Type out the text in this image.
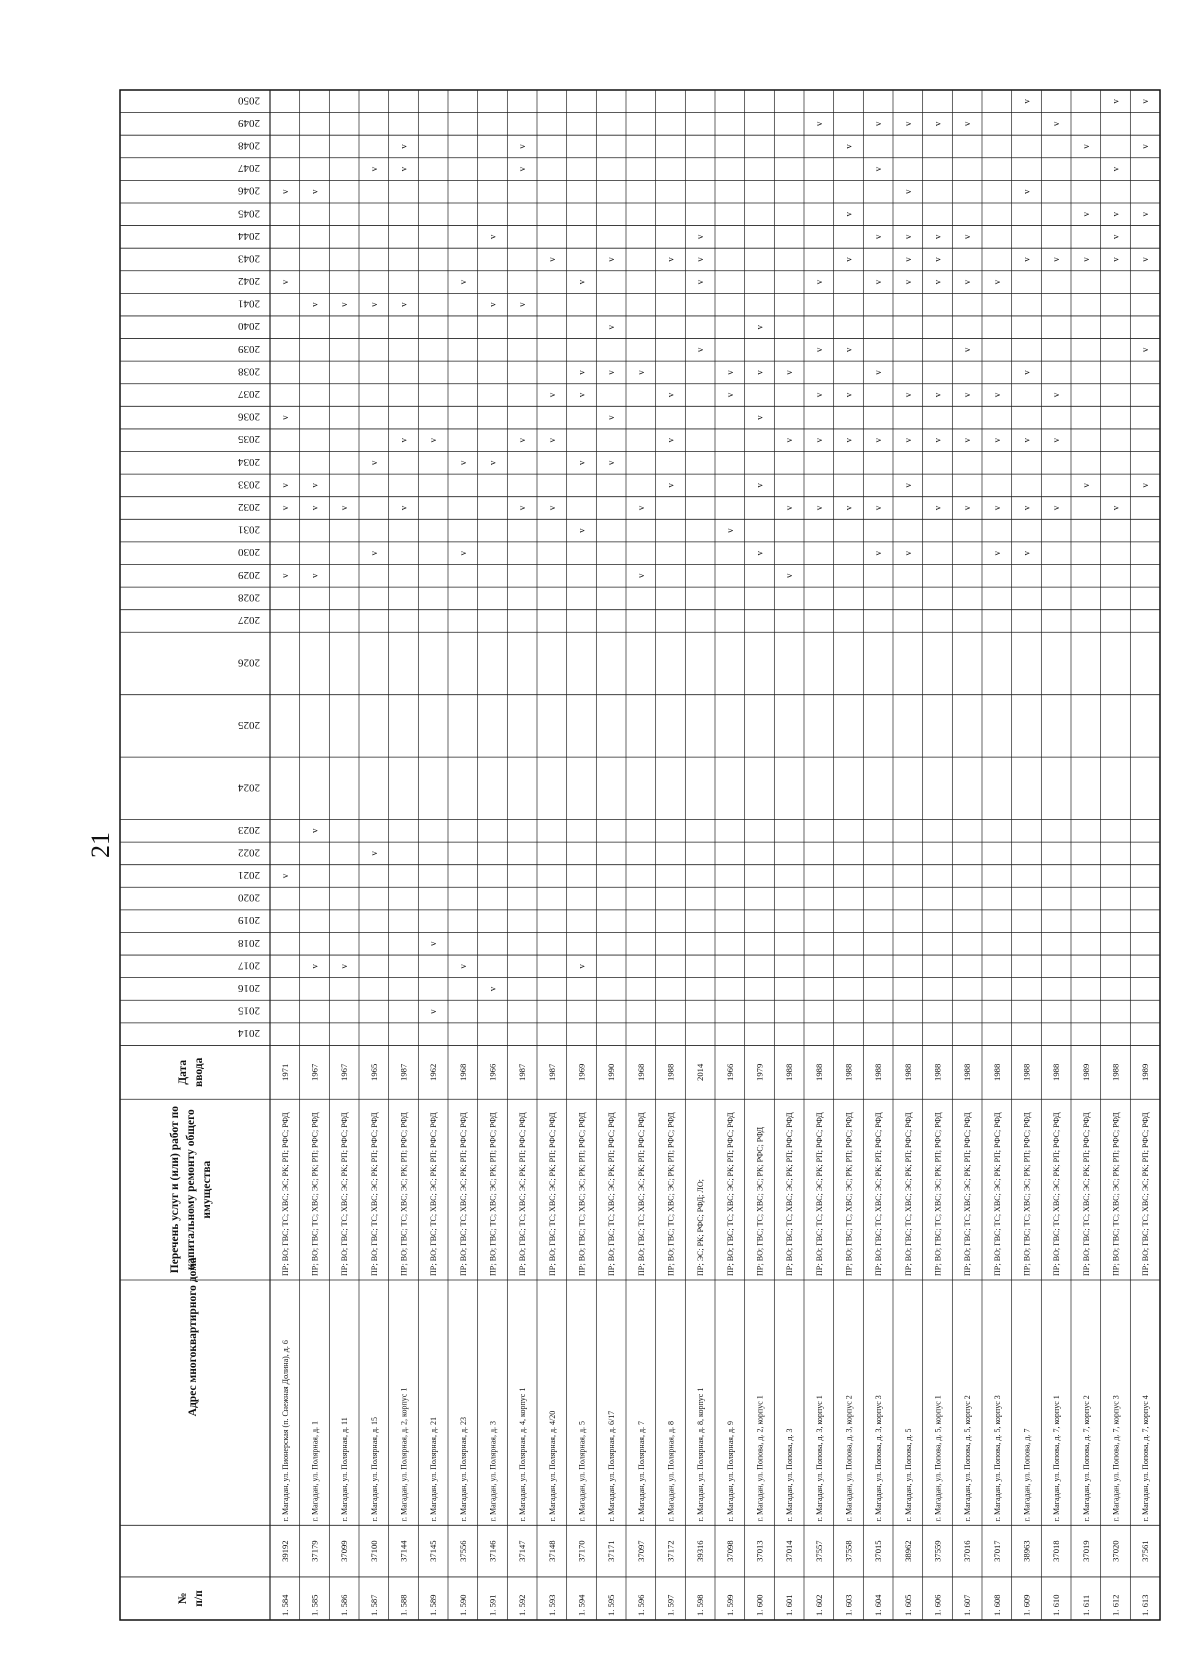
21
№ п/п
Адрес многоквартирного дома
Перечень услуг и (или) работ по капитальному ремонту общего имущества
Дата ввода
2014
2015
2016
2017
2018
2019
2020
2021
2022
2023
2024
2025
2026
2027
2028
2029
2030
2031
2032
2033
2034
2035
2036
2037
2038
2039
2040
2041
2042
2043
2044
2045
2046
2047
2048
2049
2050
1. 584
39192
г. Магадан, ул. Пионерская (п. Снежная Долина), д. 6
ПР; ВО; ГВС; ТС; ХВС; ЭС; РК; РП; РФС; РФД
1971
v
v
v
v
v
v
v
1. 585
37179
г. Магадан, ул. Полярная, д. 1
ПР; ВО; ГВС; ТС; ХВС; ЭС; РК; РП; РФС; РФД
1967
v
v
v
v
v
v
v
1. 586
37099
г. Магадан, ул. Полярная, д. 11
ПР; ВО; ГВС; ТС; ХВС; ЭС; РК; РП; РФС; РФД
1967
v
v
v
1. 587
37100
г. Магадан, ул. Полярная, д. 15
ПР; ВО; ГВС; ТС; ХВС; ЭС; РК; РП; РФС; РФД
1965
v
v
v
v
v
1. 588
37144
г. Магадан, ул. Полярная, д. 2, корпус 1
ПР; ВО; ГВС; ТС; ХВС; ЭС; РК; РП; РФС; РФД
1987
v
v
v
v
v
1. 589
37145
г. Магадан, ул. Полярная, д. 21
ПР; ВО; ГВС; ТС; ХВС; ЭС; РК; РП; РФС; РФД
1962
v
v
v
1. 590
37556
г. Магадан, ул. Полярная, д. 23
ПР; ВО; ГВС; ТС; ХВС; ЭС; РК; РП; РФС; РФД
1968
v
v
v
v
1. 591
37146
г. Магадан, ул. Полярная, д. 3
ПР; ВО; ГВС; ТС; ХВС; ЭС; РК; РП; РФС; РФД
1966
v
v
v
v
1. 592
37147
г. Магадан, ул. Полярная, д. 4, корпус 1
ПР; ВО; ГВС; ТС; ХВС; ЭС; РК; РП; РФС; РФД
1987
v
v
v
v
v
1. 593
37148
г. Магадан, ул. Полярная, д. 4/20
ПР; ВО; ГВС; ТС; ХВС; ЭС; РК; РП; РФС; РФД
1987
v
v
v
v
1. 594
37170
г. Магадан, ул. Полярная, д. 5
ПР; ВО; ГВС; ТС; ХВС; ЭС; РК; РП; РФС; РФД
1969
v
v
v
v
v
v
1. 595
37171
г. Магадан, ул. Полярная, д. 6/17
ПР; ВО; ГВС; ТС; ХВС; ЭС; РК; РП; РФС; РФД
1990
v
v
v
v
v
1. 596
37097
г. Магадан, ул. Полярная, д. 7
ПР; ВО; ГВС; ТС; ХВС; ЭС; РК; РП; РФС; РФД
1968
v
v
v
1. 597
37172
г. Магадан, ул. Полярная, д. 8
ПР; ВО; ГВС; ТС; ХВС; ЭС; РК; РП; РФС; РФД
1988
v
v
v
v
1. 598
39316
г. Магадан, ул. Полярная, д. 8, корпус 1
ПР; ЭС; РК; РФС; РФД; ЛО;
2014
v
v
v
v
1. 599
37098
г. Магадан, ул. Полярная, д. 9
ПР; ВО; ГВС; ТС; ХВС; ЭС; РК; РП; РФС; РФД
1966
v
v
v
1. 600
37013
г. Магадан, ул. Попова, д. 2, корпус 1
ПР; ВО; ГВС; ТС; ХВС; ЭС; РК; РФС; РФД
1979
v
v
v
v
v
1. 601
37014
г. Магадан, ул. Попова, д. 3
ПР; ВО; ГВС; ТС; ХВС; ЭС; РК; РП; РФС; РФД
1988
v
v
v
v
1. 602
37557
г. Магадан, ул. Попова, д. 3, корпус 1
ПР; ВО; ГВС; ТС; ХВС; ЭС; РК; РП; РФС; РФД
1988
v
v
v
v
v
v
1. 603
37558
г. Магадан, ул. Попова, д. 3, корпус 2
ПР; ВО; ГВС; ТС; ХВС; ЭС; РК; РП; РФС; РФД
1988
v
v
v
v
v
v
v
1. 604
37015
г. Магадан, ул. Попова, д. 3, корпус 3
ПР; ВО; ГВС; ТС; ХВС; ЭС; РК; РП; РФС; РФД
1988
v
v
v
v
v
v
v
v
1. 605
38962
г. Магадан, ул. Попова, д. 5
ПР; ВО; ГВС; ТС; ХВС; ЭС; РК; РП; РФС; РФД
1988
v
v
v
v
v
v
v
v
v
1. 606
37559
г. Магадан, ул. Попова, д. 5, корпус 1
ПР; ВО; ГВС; ТС; ХВС; ЭС; РК; РП; РФС; РФД
1988
v
v
v
v
v
v
v
1. 607
37016
г. Магадан, ул. Попова, д. 5, корпус 2
ПР; ВО; ГВС; ТС; ХВС; ЭС; РК; РП; РФС; РФД
1988
v
v
v
v
v
v
v
1. 608
37017
г. Магадан, ул. Попова, д. 5, корпус 3
ПР; ВО; ГВС; ТС; ХВС; ЭС; РК; РП; РФС; РФД
1988
v
v
v
v
v
1. 609
38963
г. Магадан, ул. Попова, д. 7
ПР; ВО; ГВС; ТС; ХВС; ЭС; РК; РП; РФС; РФД
1988
v
v
v
v
v
v
v
1. 610
37018
г. Магадан, ул. Попова, д. 7, корпус 1
ПР; ВО; ГВС; ТС; ХВС; ЭС; РК; РП; РФС; РФД
1988
v
v
v
v
v
1. 611
37019
г. Магадан, ул. Попова, д. 7, корпус 2
ПР; ВО; ГВС; ТС; ХВС; ЭС; РК; РП; РФС; РФД
1989
v
v
v
v
1. 612
37020
г. Магадан, ул. Попова, д. 7, корпус 3
ПР; ВО; ГВС; ТС; ХВС; ЭС; РК; РП; РФС; РФД
1988
v
v
v
v
v
v
1. 613
37561
г. Магадан, ул. Попова, д. 7, корпус 4
ПР; ВО; ГВС; ТС; ХВС; ЭС; РК; РП; РФС; РФД
1989
v
v
v
v
v
v
